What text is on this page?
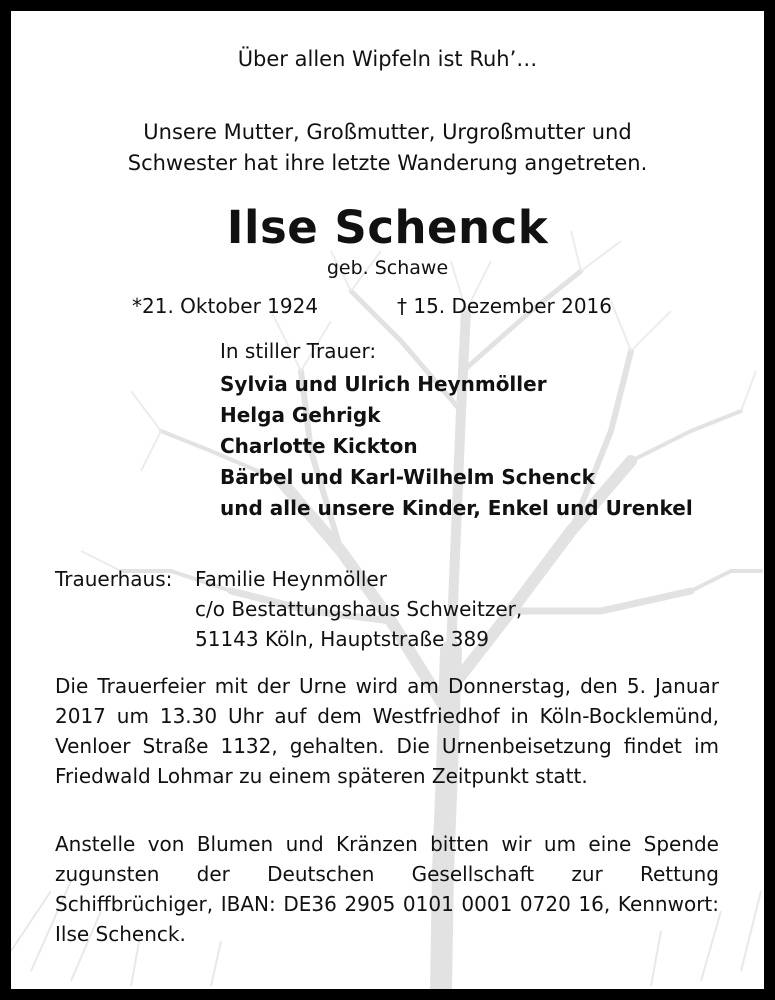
Über allen Wipfeln ist Ruh’…
Unsere Mutter, Großmutter, Urgroßmutter und
Schwester hat ihre letzte Wanderung angetreten.
Ilse Schenck
geb. Schawe
*21. Oktober 1924	† 15. Dezember 2016
In stiller Trauer:
Sylvia und Ulrich Heynmöller
Helga Gehrigk
Charlotte Kickton
Bärbel und Karl-Wilhelm Schenck
und alle unsere Kinder, Enkel und Urenkel
Trauerhaus: Familie Heynmöller
c/o Bestattungshaus Schweitzer,
51143 Köln, Hauptstraße 389
Die Trauerfeier mit der Urne wird am Donnerstag, den 5. Januar 2017 um 13.30 Uhr auf dem Westfriedhof in Köln-Bocklemünd, Venloer Straße 1132, gehalten. Die Urnenbeisetzung findet im Friedwald Lohmar zu einem späteren Zeitpunkt statt.
Anstelle von Blumen und Kränzen bitten wir um eine Spende zugunsten der Deutschen Gesellschaft zur Rettung Schiffbrüchiger, IBAN: DE36 2905 0101 0001 0720 16, Kennwort: Ilse Schenck.
